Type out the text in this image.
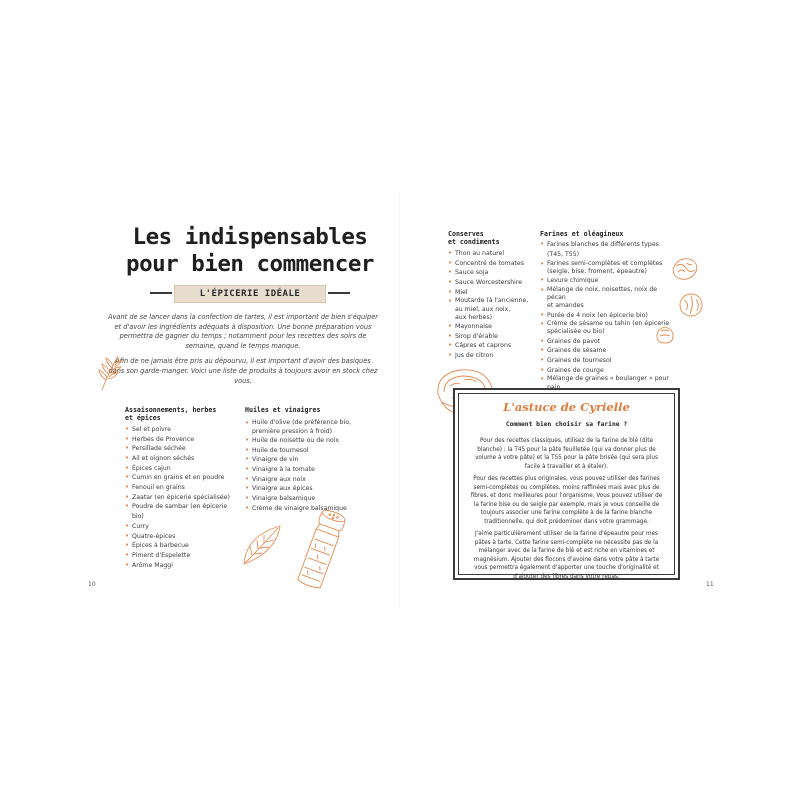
Les indispensables
pour bien commencer
L'ÉPICERIE IDÉALE

Avant de se lancer dans la confection de tartes, il est important de bien s'équiper et d'avoir les ingrédients adéquats à disposition. Une bonne préparation vous permettra de gagner du temps ; notamment pour les recettes des soirs de semaine, quand le temps manque.

Afin de ne jamais être pris au dépourvu, il est important d'avoir des basiques dans son garde-manger. Voici une liste de produits à toujours avoir en stock chez vous.

Assaisonnements, herbes
et épices
• Sel et poivre
• Herbes de Provence
• Persillade séchée
• Ail et oignon séchés
• Épices cajun
• Cumin en grains et en poudre
• Fenouil en grains
• Zaatar (en épicerie spécialisée)
• Poudre de sambar (en épicerie bio)
• Curry
• Quatre-épices
• Épices à barbecue
• Piment d'Espelette
• Arôme Maggi
Huiles et vinaigres
• Huile d'olive (de préférence bio,
première pression à froid)
• Huile de noisette ou de noix
• Huile de tournesol
• Vinaigre de vin
• Vinaigre à la tomate
• Vinaigre aux noix
• Vinaigre aux épices
• Vinaigre balsamique
• Crème de vinaigre balsamique
10
Conserves
et condiments
• Thon au naturel
• Concentré de tomates
• Sauce soja
• Sauce Worcestershire
• Miel
• Moutarde (à l'ancienne,
au miel, aux noix,
aux herbes)
• Mayonnaise
• Sirop d'érable
• Câpres et caprons
• Jus de citron
Farines et oléagineux
• Farines blanches de différents types (T45, T55)
• Farines semi-complètes et complètes
(seigle, bise, froment, épeautre)
• Levure chimique
• Mélange de noix, noisettes, noix de pécan
et amandes
• Purée de 4 noix (en épicerie bio)
• Crème de sésame ou tahin (en épicerie
spécialisée ou bio)
• Graines de pavot
• Graines de sésame
• Graines de tournesol
• Graines de courge
• Mélange de graines « boulanger » pour
L'astuce de Cyrielle
Comment bien choisir sa farine ?

Pour des recettes classiques, utilisez de la farine de blé (dite blanche) : la T45 pour la pâte feuilletée (qui va donner plus de volume à votre pâte) et la T55 pour la pâte brisée (qui sera plus facile à travailler et à étaler).

Pour des recettes plus originales, vous pouvez utiliser des farines semi-complètes ou complètes, moins raffinées mais avec plus de fibres, et donc meilleures pour l'organisme. Vous pouvez utiliser de la farine bise ou de seigle par exemple, mais je vous conseille de toujours associer une farine complète à de la farine blanche traditionnelle, qui doit prédominer dans votre grammage.

J'aime particulièrement utiliser de la farine d'épeautre pour mes pâtes à tarte. Cette farine semi-complète ne nécessite pas de la mélanger avec de la farine de blé et est riche en vitamines et magnésium. Ajouter des flocons d'avoine dans votre pâte à tarte vous permettra également d'apporter une touche d'originalité et d'ajouter des fibres dans votre repas.

11
